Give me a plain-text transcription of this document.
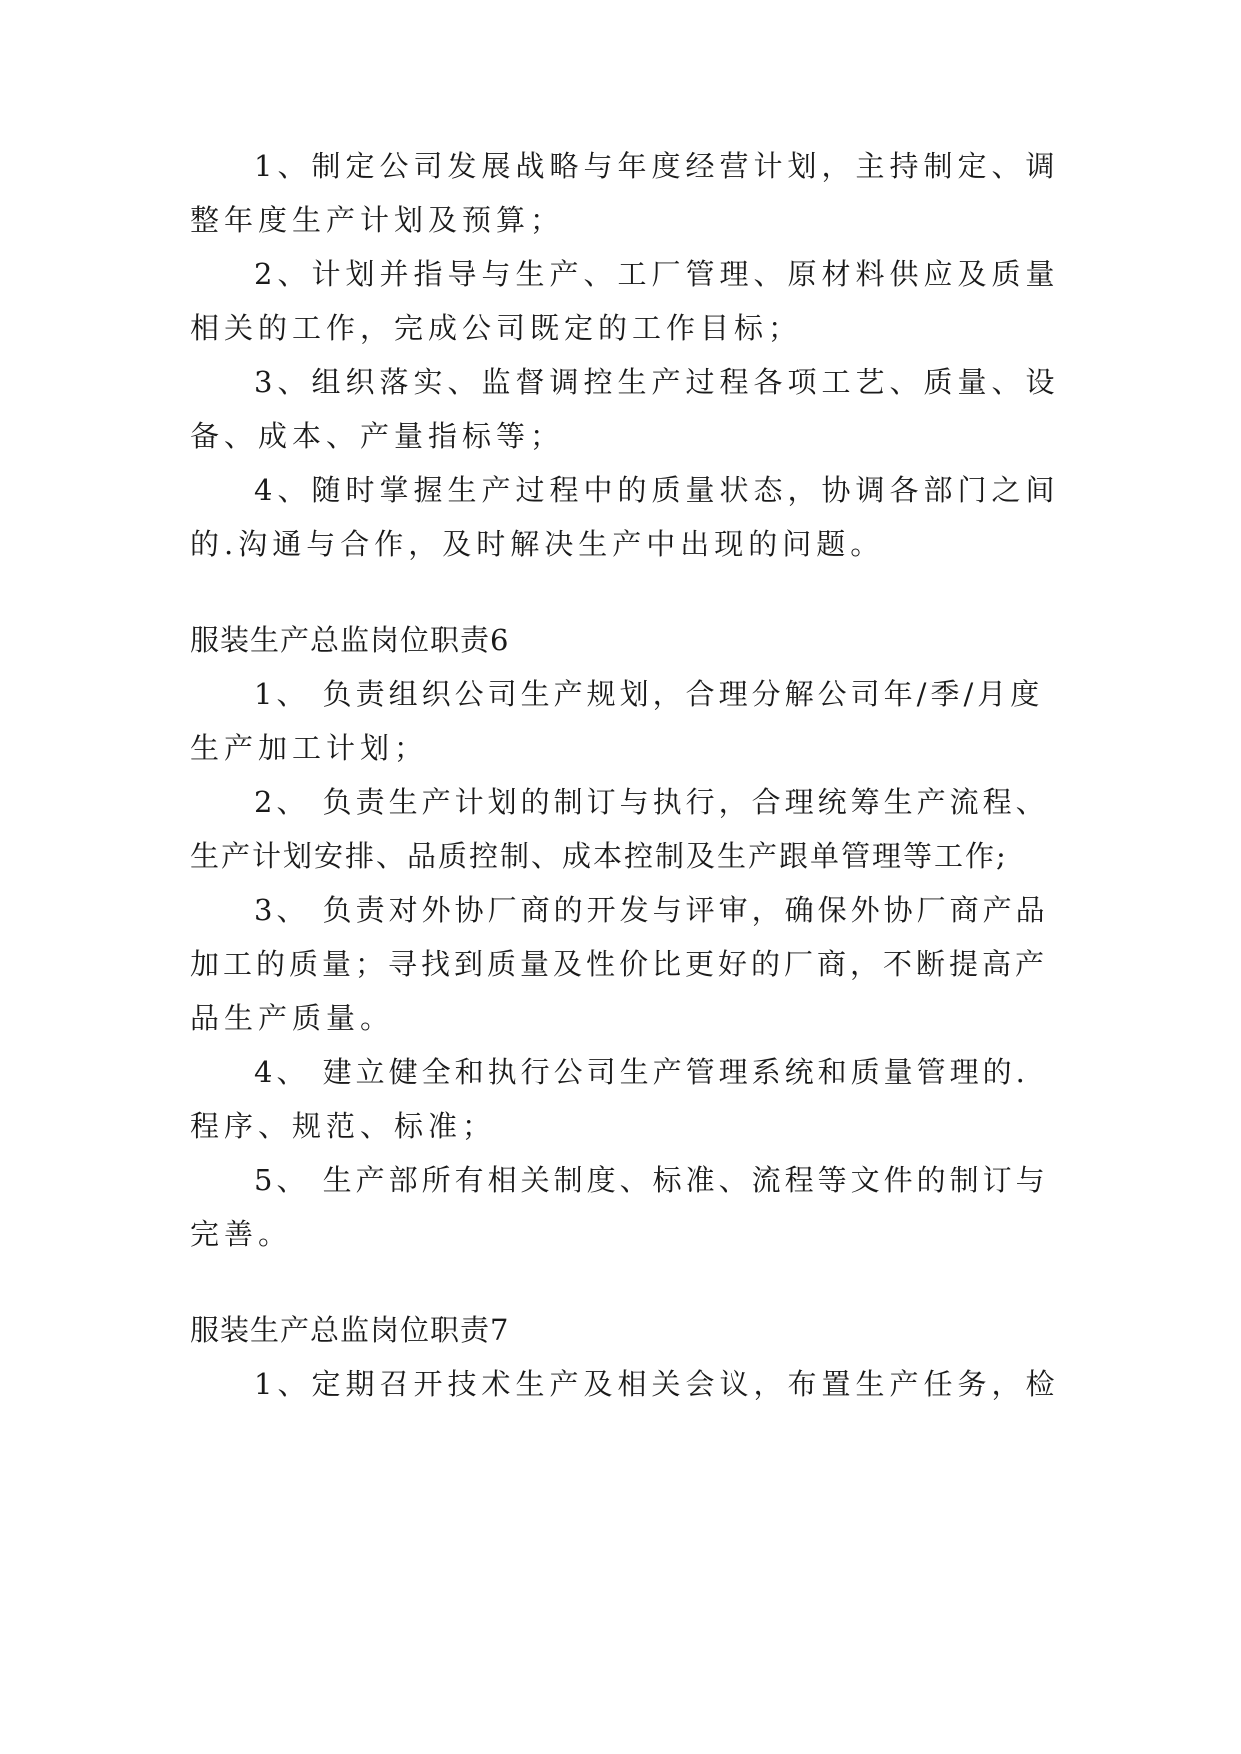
1、制定公司发展战略与年度经营计划，主持制定、调
整年度生产计划及预算；
2、计划并指导与生产、工厂管理、原材料供应及质量
相关的工作，完成公司既定的工作目标；
3、组织落实、监督调控生产过程各项工艺、质量、设
备、成本、产量指标等；
4、随时掌握生产过程中的质量状态，协调各部门之间
的.沟通与合作，及时解决生产中出现的问题。
服装生产总监岗位职责6
1、 负责组织公司生产规划，合理分解公司年/季/月度
生产加工计划；
2、 负责生产计划的制订与执行，合理统筹生产流程、
生产计划安排、品质控制、成本控制及生产跟单管理等工作;
3、 负责对外协厂商的开发与评审，确保外协厂商产品
加工的质量；寻找到质量及性价比更好的厂商，不断提高产
品生产质量。
4、 建立健全和执行公司生产管理系统和质量管理的.
程序、规范、标准；
5、 生产部所有相关制度、标准、流程等文件的制订与
完善。
服装生产总监岗位职责7
1、定期召开技术生产及相关会议，布置生产任务，检
